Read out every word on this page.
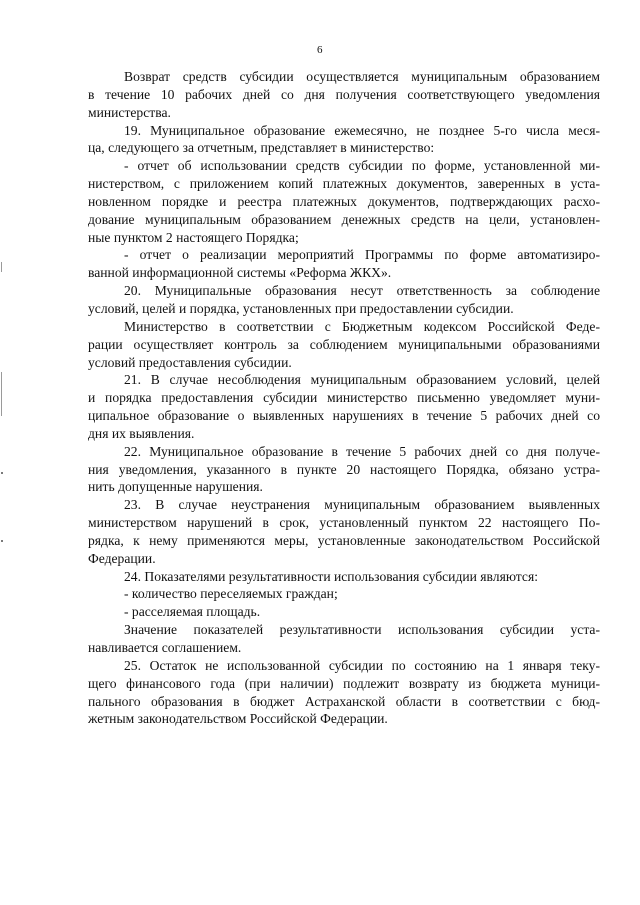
6
Возврат средств субсидии осуществляется муниципальным образованием
в течение 10 рабочих дней со дня получения соответствующего уведомления
министерства.
19. Муниципальное образование ежемесячно, не позднее 5-го числа меся-
ца, следующего за отчетным, представляет в министерство:
- отчет об использовании средств субсидии по форме, установленной ми-
нистерством, с приложением копий платежных документов, заверенных в уста-
новленном порядке и реестра платежных документов, подтверждающих расхо-
дование муниципальным образованием денежных средств на цели, установлен-
ные пунктом 2 настоящего Порядка;
- отчет о реализации мероприятий Программы по форме автоматизиро-
ванной информационной системы «Реформа ЖКХ».
20. Муниципальные образования несут ответственность за соблюдение
условий, целей и порядка, установленных при предоставлении субсидии.
Министерство в соответствии с Бюджетным кодексом Российской Феде-
рации осуществляет контроль за соблюдением муниципальными образованиями
условий предоставления субсидии.
21. В случае несоблюдения муниципальным образованием условий, целей
и порядка предоставления субсидии министерство письменно уведомляет муни-
ципальное образование о выявленных нарушениях в течение 5 рабочих дней со
дня их выявления.
22. Муниципальное образование в течение 5 рабочих дней со дня получе-
ния уведомления, указанного в пункте 20 настоящего Порядка, обязано устра-
нить допущенные нарушения.
23. В случае неустранения муниципальным образованием выявленных
министерством нарушений в срок, установленный пунктом 22 настоящего По-
рядка, к нему применяются меры, установленные законодательством Российской
Федерации.
24. Показателями результативности использования субсидии являются:
- количество переселяемых граждан;
- расселяемая площадь.
Значение показателей результативности использования субсидии уста-
навливается соглашением.
25. Остаток не использованной субсидии по состоянию на 1 января теку-
щего финансового года (при наличии) подлежит возврату из бюджета муници-
пального образования в бюджет Астраханской области в соответствии с бюд-
жетным законодательством Российской Федерации.
